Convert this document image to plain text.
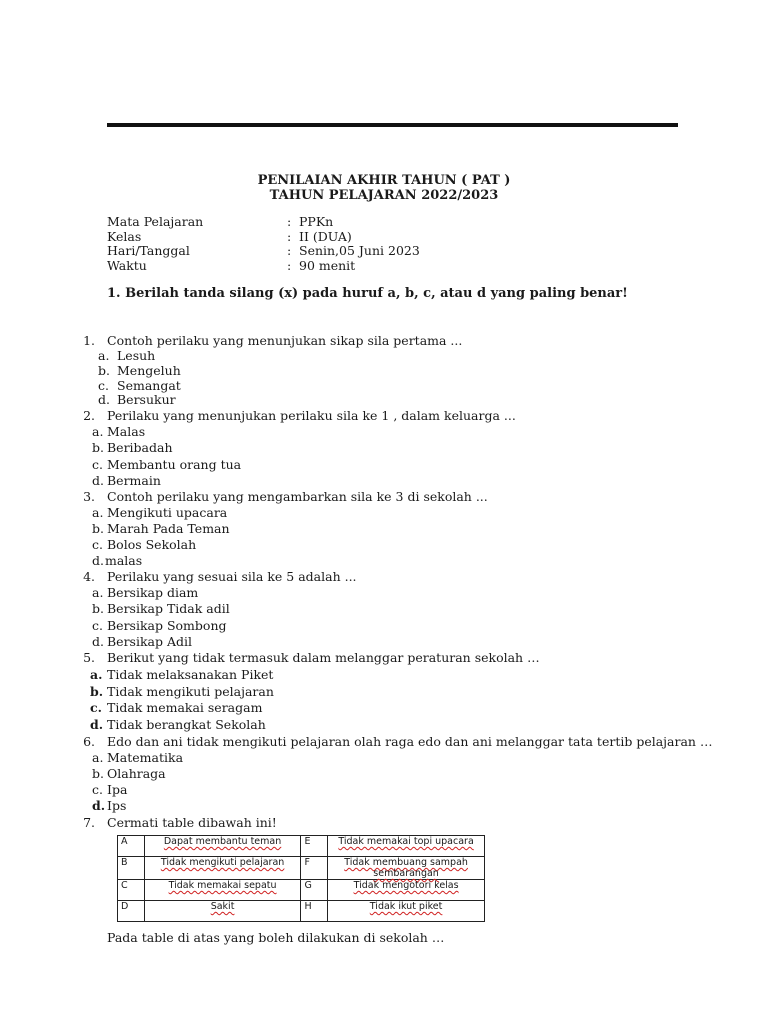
PENILAIAN AKHIR TAHUN ( PAT )
TAHUN PELAJARAN 2022/2023
Mata Pelajaran	: PPKn
Kelas	: II (DUA)
Hari/Tanggal	: Senin,05 Juni 2023
Waktu	: 90 menit
1. Berilah tanda silang (x) pada huruf a, b, c, atau d yang paling benar!
1. Contoh perilaku yang menunjukan sikap sila pertama ...
a. Lesuh
b. Mengeluh
c. Semangat
d. Bersukur
2. Perilaku yang menunjukan perilaku sila ke 1 , dalam keluarga ...
a. Malas
b. Beribadah
c. Membantu orang tua
d. Bermain
3. Contoh perilaku yang mengambarkan sila ke 3 di sekolah ...
a. Mengikuti upacara
b. Marah Pada Teman
c. Bolos Sekolah
d. malas
4. Perilaku yang sesuai sila ke 5 adalah ...
a. Bersikap diam
b. Bersikap Tidak adil
c. Bersikap Sombong
d. Bersikap Adil
5. Berikut yang tidak termasuk dalam melanggar peraturan sekolah …
a. Tidak melaksanakan Piket
b. Tidak mengikuti pelajaran
c. Tidak memakai seragam
d. Tidak berangkat Sekolah
6. Edo dan ani tidak mengikuti pelajaran olah raga edo dan ani melanggar tata tertib pelajaran …
a. Matematika
b. Olahraga
c. Ipa
d. Ips
7. Cermati table dibawah ini!
A	Dapat membantu teman	E	Tidak memakai topi upacara
B	Tidak mengikuti pelajaran	F	Tidak membuang sampah sembarangan
C	Tidak memakai sepatu	G	Tidak mengotori kelas
D	Sakit	H	Tidak ikut piket
Pada table di atas yang boleh dilakukan di sekolah …
